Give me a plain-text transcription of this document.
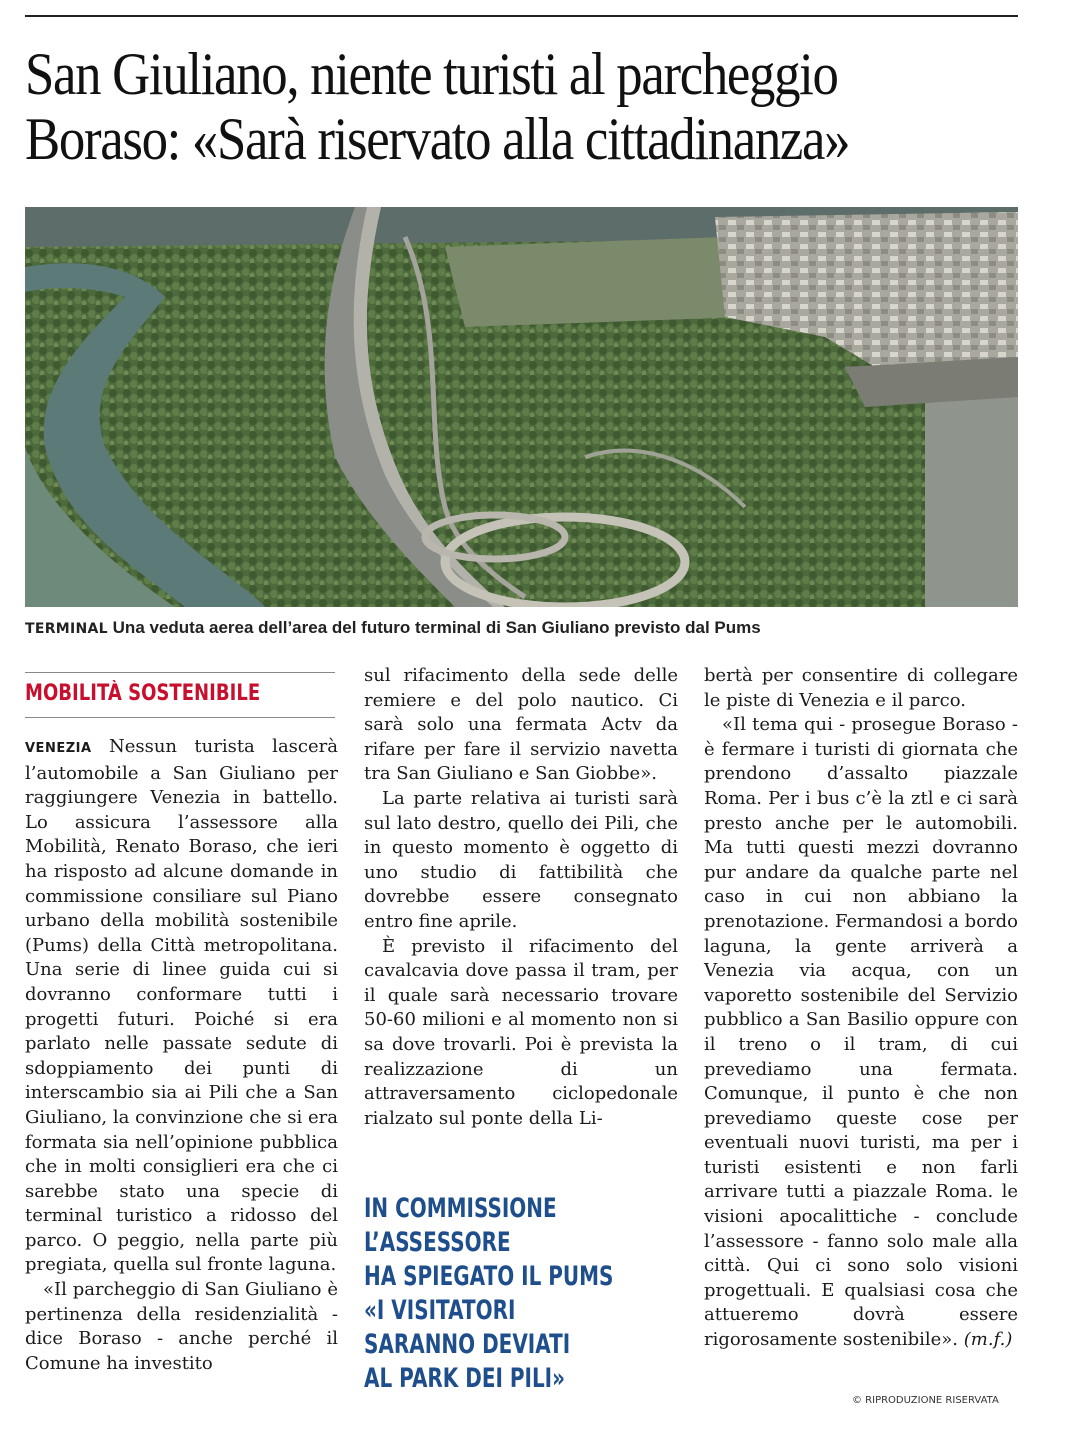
San Giuliano, niente turisti al parcheggio
Boraso: «Sarà riservato alla cittadinanza»
TERMINAL Una veduta aerea dell’area del futuro terminal di San Giuliano previsto dal Pums
MOBILITÀ SOSTENIBILE

VENEZIA Nessun turista lascerà l’automobile a San Giuliano per raggiungere Venezia in battello. Lo assicura l’assessore alla Mobilità, Renato Boraso, che ieri ha risposto ad alcune domande in commissione consiliare sul Piano urbano della mobilità sostenibile (Pums) della Città metropolitana. Una serie di linee guida cui si dovranno conformare tutti i progetti futuri. Poiché si era parlato nelle passate sedute di sdoppiamento dei punti di interscambio sia ai Pili che a San Giuliano, la convinzione che si era formata sia nell’opinione pubblica che in molti consiglieri era che ci sarebbe stato una specie di terminal turistico a ridosso del parco. O peggio, nella parte più pregiata, quella sul fronte laguna.

«Il parcheggio di San Giuliano è pertinenza della residenzialità - dice Boraso - anche perché il Comune ha investito

sul rifacimento della sede delle remiere e del polo nautico. Ci sarà solo una fermata Actv da rifare per fare il servizio navetta tra San Giuliano e San Giobbe».

La parte relativa ai turisti sarà sul lato destro, quello dei Pili, che in questo momento è oggetto di uno studio di fattibilità che dovrebbe essere consegnato entro fine aprile.

È previsto il rifacimento del cavalcavia dove passa il tram, per il quale sarà necessario trovare 50-60 milioni e al momento non si sa dove trovarli. Poi è prevista la realizzazione di un attraversamento ciclopedonale rialzato sul ponte della Li-

IN COMMISSIONE
L’ASSESSORE
HA SPIEGATO IL PUMS
«I VISITATORI
SARANNO DEVIATI
AL PARK DEI PILI»

bertà per consentire di collegare le piste di Venezia e il parco.

«Il tema qui - prosegue Boraso - è fermare i turisti di giornata che prendono d’assalto piazzale Roma. Per i bus c’è la ztl e ci sarà presto anche per le automobili. Ma tutti questi mezzi dovranno pur andare da qualche parte nel caso in cui non abbiano la prenotazione. Fermandosi a bordo laguna, la gente arriverà a Venezia via acqua, con un vaporetto sostenibile del Servizio pubblico a San Basilio oppure con il treno o il tram, di cui prevediamo una fermata. Comunque, il punto è che non prevediamo queste cose per eventuali nuovi turisti, ma per i turisti esistenti e non farli arrivare tutti a piazzale Roma. le visioni apocalittiche - conclude l’assessore - fanno solo male alla città. Qui ci sono solo visioni progettuali. E qualsiasi cosa che attueremo dovrà essere rigorosamente sostenibile». (m.f.)

© RIPRODUZIONE RISERVATA
